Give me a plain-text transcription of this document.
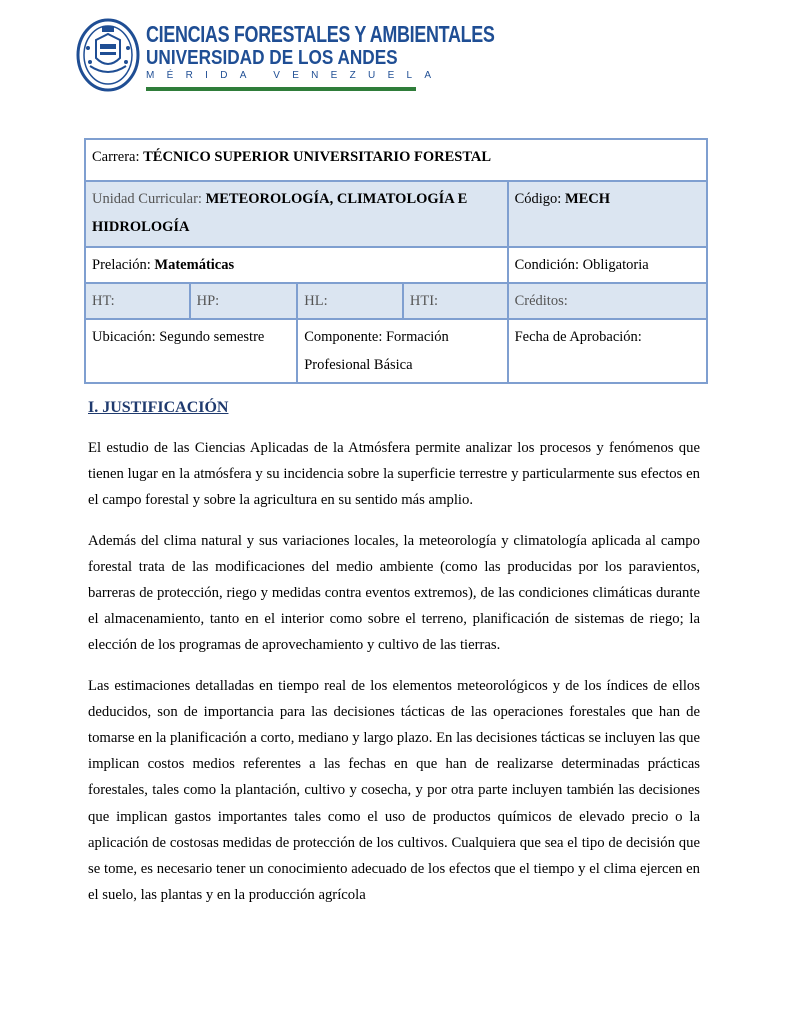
CIENCIAS FORESTALES Y AMBIENTALES
UNIVERSIDAD DE LOS ANDES
MÉRIDA VENEZUELA
Carrera: TÉCNICO SUPERIOR UNIVERSITARIO FORESTAL				
Unidad Curricular: METEOROLOGÍA, CLIMATOLOGÍA E HIDROLOGÍA				Código: MECH
Prelación: Matemáticas				Condición: Obligatoria
HT:	HP:	HL:	HTI:	Créditos:
Ubicación: Segundo semestre		Componente: Formación Profesional Básica		Fecha de Aprobación:
I. JUSTIFICACIÓN

El estudio de las Ciencias Aplicadas de la Atmósfera permite analizar los procesos y fenómenos que tienen lugar en la atmósfera y su incidencia sobre la superficie terrestre y particularmente sus efectos en el campo forestal y sobre la agricultura en su sentido más amplio.

Además del clima natural y sus variaciones locales, la meteorología y climatología aplicada al campo forestal trata de las modificaciones del medio ambiente (como las producidas por los paravientos, barreras de protección, riego y medidas contra eventos extremos), de las condiciones climáticas durante el almacenamiento, tanto en el interior como sobre el terreno, planificación de sistemas de riego; la elección de los programas de aprovechamiento y cultivo de las tierras.

Las estimaciones detalladas en tiempo real de los elementos meteorológicos y de los índices de ellos deducidos, son de importancia para las decisiones tácticas de las operaciones forestales que han de tomarse en la planificación a corto, mediano y largo plazo. En las decisiones tácticas se incluyen las que implican costos medios referentes a las fechas en que han de realizarse determinadas prácticas forestales, tales como la plantación, cultivo y cosecha, y por otra parte incluyen también las decisiones que implican gastos importantes tales como el uso de productos químicos de elevado precio o la aplicación de costosas medidas de protección de los cultivos. Cualquiera que sea el tipo de decisión que se tome, es necesario tener un conocimiento adecuado de los efectos que el tiempo y el clima ejercen en el suelo, las plantas y en la producción agrícola
